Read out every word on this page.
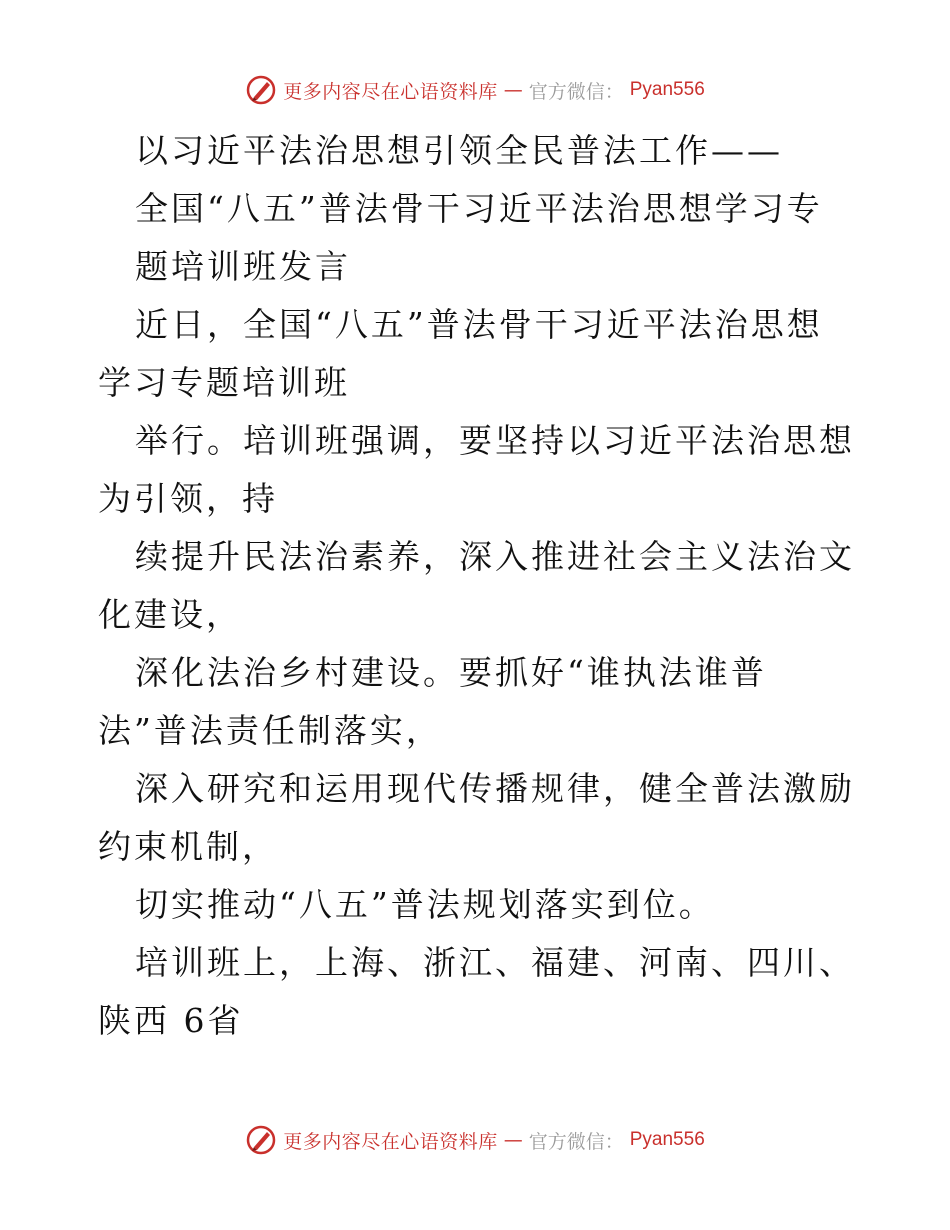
更多内容尽在心语资料库 — 官方微信： Pyan556

以习近平法治思想引领全民普法工作——

全国“八五”普法骨干习近平法治思想学习专

题培训班发言

近日，全国“八五”普法骨干习近平法治思想学习专题培训班

举行。培训班强调，要坚持以习近平法治思想为引领，持

续提升民法治素养，深入推进社会主义法治文化建设，

深化法治乡村建设。要抓好“谁执法谁普法”普法责任制落实，

深入研究和运用现代传播规律，健全普法激励约束机制，

切实推动“八五”普法规划落实到位。

培训班上，上海、浙江、福建、河南、四川、陕西 6省

更多内容尽在心语资料库 — 官方微信： Pyan556
